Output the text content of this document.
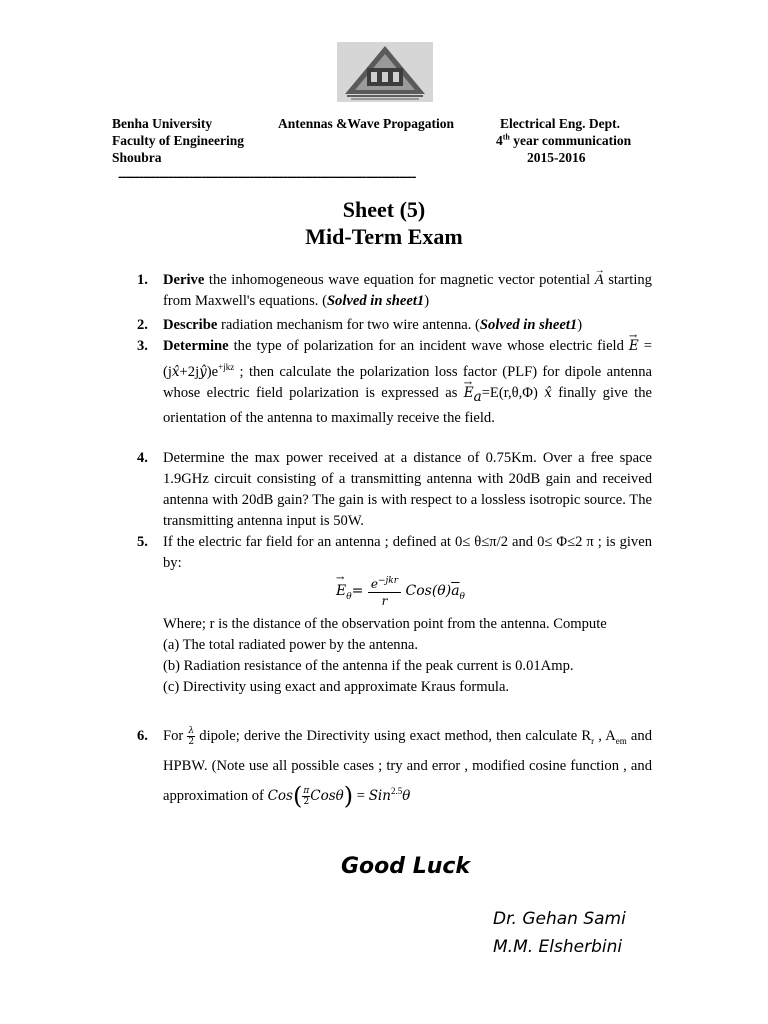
Benha University
Faculty of Engineering
Shoubra
Antennas &Wave Propagation	Electrical Eng. Dept.
4th year communication
2015-2016
------------------------------------------------------------------------
Sheet (5)
Mid-Term Exam
1. Derive the inhomogeneous wave equation for magnetic vector potential → A starting from Maxwell's equations. (Solved in sheet1)

2. Describe radiation mechanism for two wire antenna. (Solved in sheet1)

3. Determine the type of polarization for an incident wave whose electric field → $E = (jx̂+2jŷ)e^{+jkz}$ ; then calculate the polarization loss factor (PLF) for dipole antenna whose electric field polarization is expressed as → $E_a=E(r,\theta,\Phi)$ x̂ finally give the orientation of the antenna to maximally receive the field.

4. Determine the max power received at a distance of 0.75Km. Over a free space 1.9GHz circuit consisting of a transmitting antenna with 20dB gain and received antenna with 20dB gain? The gain is with respect to a lossless isotropic source. The transmitting antenna input is 50W.

5. If the electric far field for an antenna ; defined at 0≤ θ≤π/2 and 0≤ Φ≤2 π ; is given by:

→ $E_\theta= \frac{e^{-jkr}}{r} Cos(\theta)\overline{a}_\theta$

Where; r is the distance of the observation point from the antenna. Compute

(a) The total radiated power by the antenna.

(b) Radiation resistance of the antenna if the peak current is 0.01Amp.

(c) Directivity using exact and approximate Kraus formula.

6. For $\frac{\lambda}{2}$ dipole; derive the Directivity using exact method, then calculate $R_r$ , $A_{em}$ and HPBW. (Note use all possible cases ; try and error , modified cosine function , and approximation of $Cos( \frac{\pi}{2} Cos\theta) = Sin^{2.5}\theta$

Good Luck
Dr. Gehan Sami
M.M. Elsherbini
